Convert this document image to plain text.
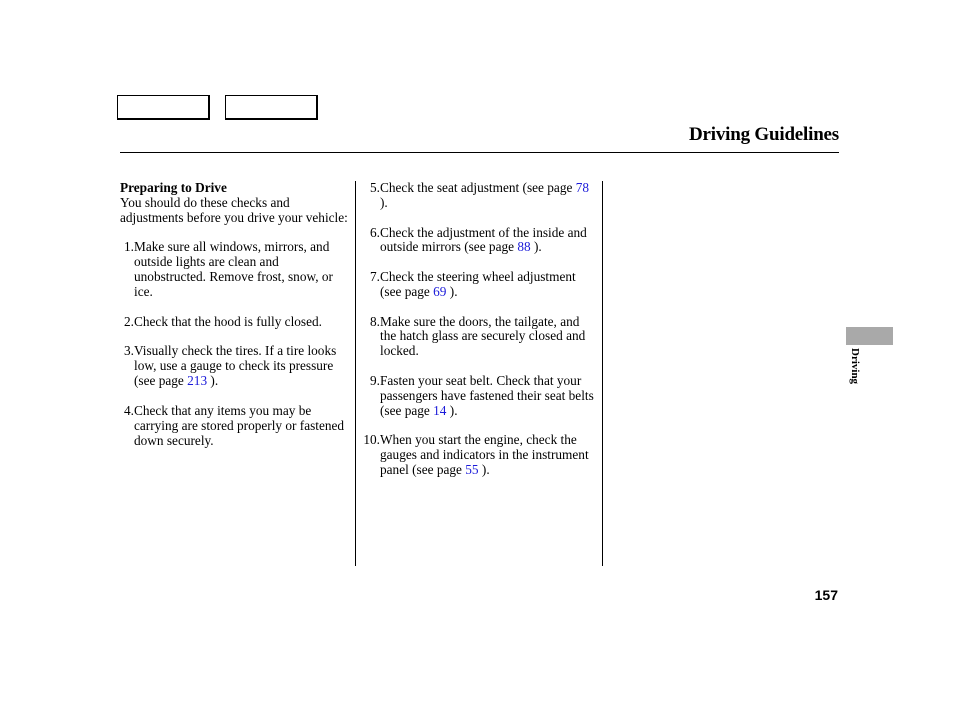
Driving Guidelines
Preparing to Drive
You should do these checks and adjustments before you drive your vehicle:
1. Make sure all windows, mirrors, and outside lights are clean and unobstructed. Remove frost, snow, or ice.
2. Check that the hood is fully closed.
3. Visually check the tires. If a tire looks low, use a gauge to check its pressure (see page 213 ).
4. Check that any items you may be carrying are stored properly or fastened down securely.
5. Check the seat adjustment (see page 78 ).
6. Check the adjustment of the inside and outside mirrors (see page 88 ).
7. Check the steering wheel adjustment (see page 69 ).
8. Make sure the doors, the tailgate, and the hatch glass are securely closed and locked.
9. Fasten your seat belt. Check that your passengers have fastened their seat belts (see page 14 ).
10. When you start the engine, check the gauges and indicators in the instrument panel (see page 55 ).
Driving
157
